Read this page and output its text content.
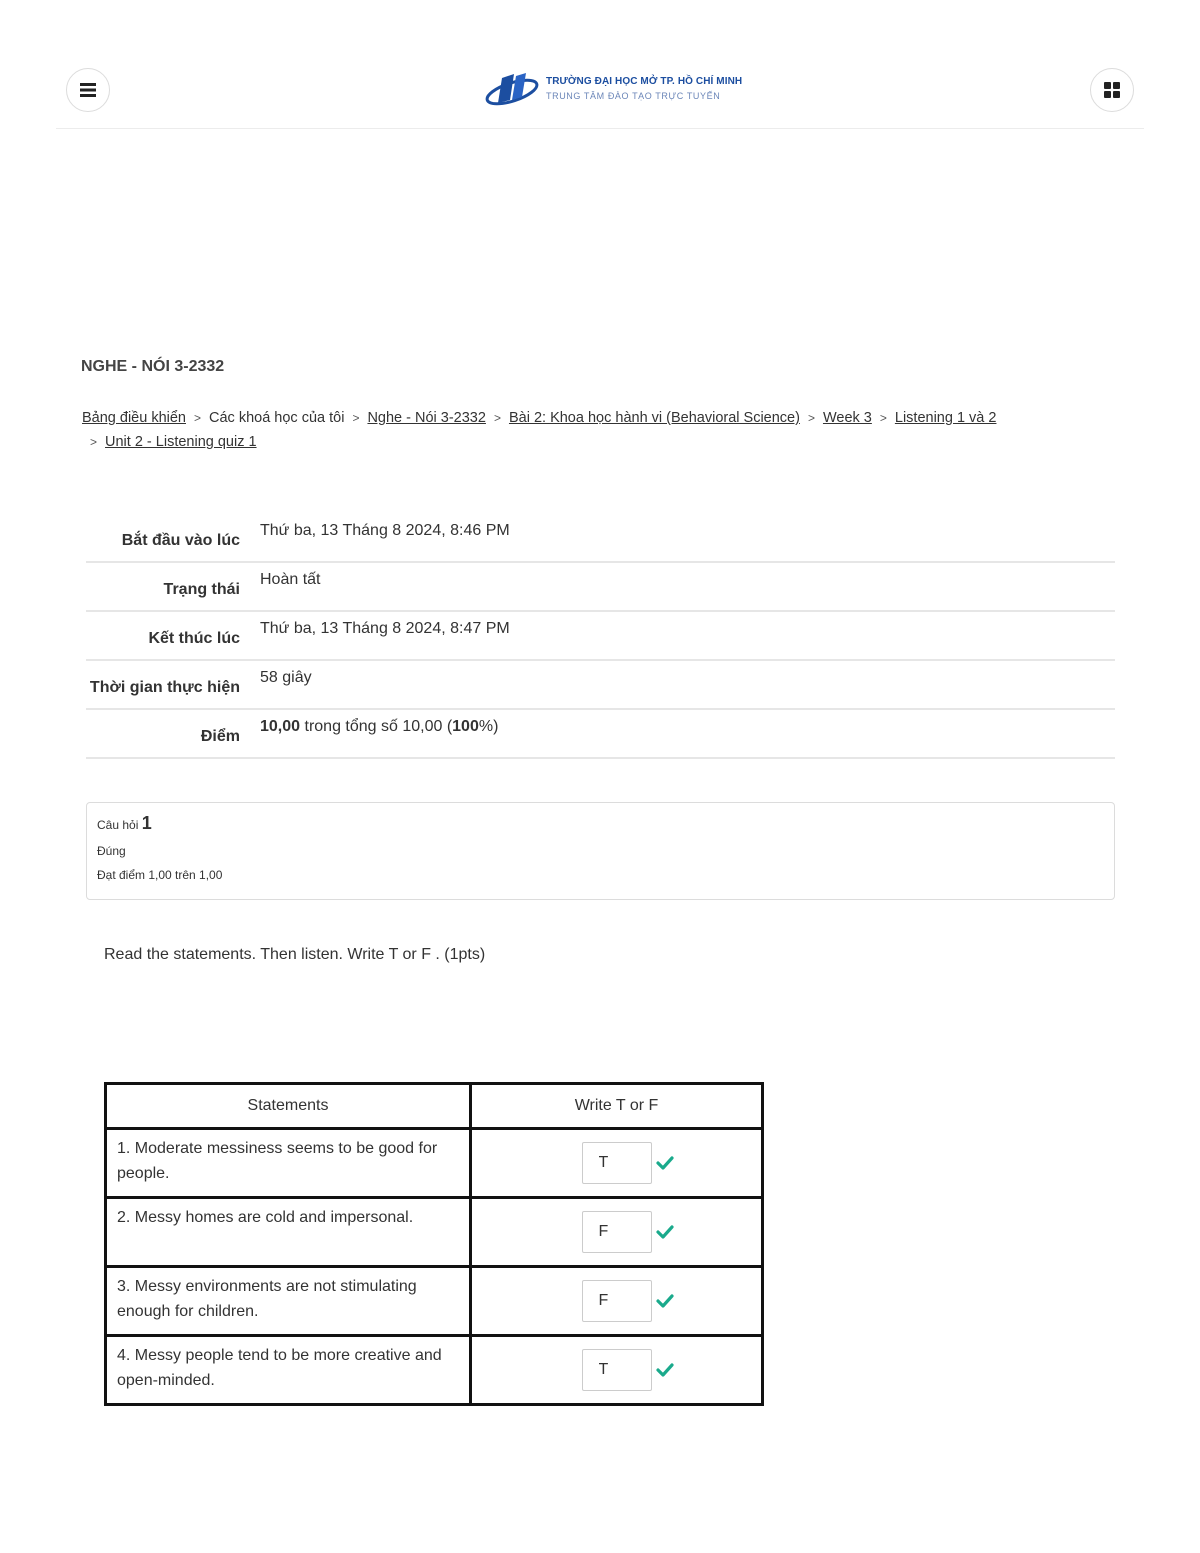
TRƯỜNG ĐẠI HỌC MỞ TP. HỒ CHÍ MINH
TRUNG TÂM ĐÀO TẠO TRỰC TUYẾN
NGHE - NÓI 3-2332
Bảng điều khiển > Các khoá học của tôi > Nghe - Nói 3-2332 > Bài 2: Khoa học hành vi (Behavioral Science) > Week 3 > Listening 1 và 2
> Unit 2 - Listening quiz 1
Bắt đầu vào lúc	Thứ ba, 13 Tháng 8 2024, 8:46 PM
Trạng thái	Hoàn tất
Kết thúc lúc	Thứ ba, 13 Tháng 8 2024, 8:47 PM
Thời gian thực hiện	58 giây
Điểm	10,00 trong tổng số 10,00 (100%)
Câu hỏi 1
Đúng
Đạt điểm 1,00 trên 1,00
Read the statements. Then listen. Write T or F . (1pts)
Statements	Write T or F
1. Moderate messiness seems to be good for people.	
T

2. Messy homes are cold and impersonal.	
F

3. Messy environments are not stimulating enough for children.	
F

4. Messy people tend to be more creative and open-minded.	
T
